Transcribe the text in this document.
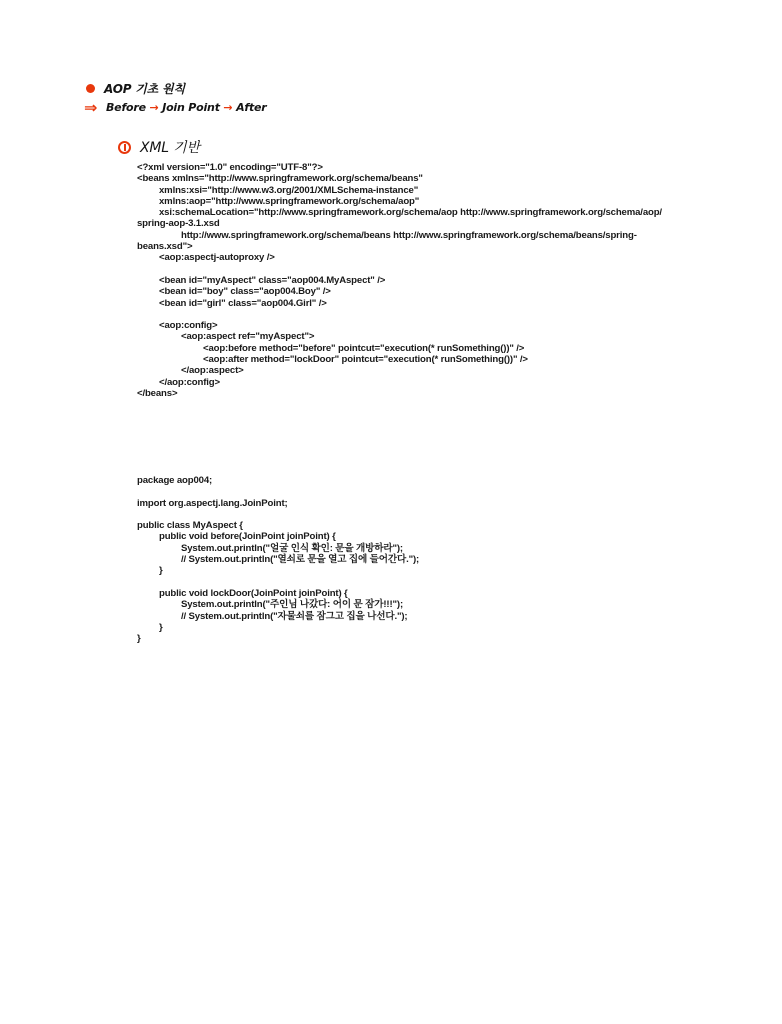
AOP 기초 원칙
⇒ Before → Join Point → After
XML 기반
<?xml version="1.0" encoding="UTF-8"?>
<beans xmlns="http://www.springframework.org/schema/beans"
xmlns:xsi="http://www.w3.org/2001/XMLSchema-instance"
xmlns:aop="http://www.springframework.org/schema/aop"
xsi:schemaLocation="http://www.springframework.org/schema/aop http://www.springframework.org/schema/aop/
spring-aop-3.1.xsd
http://www.springframework.org/schema/beans http://www.springframework.org/schema/beans/spring-
beans.xsd">
<aop:aspectj-autoproxy />
<bean id="myAspect" class="aop004.MyAspect" />
<bean id="boy" class="aop004.Boy" />
<bean id="girl" class="aop004.Girl" />
<aop:config>
<aop:aspect ref="myAspect">
<aop:before method="before" pointcut="execution(* runSomething())" />
<aop:after method="lockDoor" pointcut="execution(* runSomething())" />
</aop:aspect>
</aop:config>
</beans>
package aop004;
import org.aspectj.lang.JoinPoint;
public class MyAspect {
public void before(JoinPoint joinPoint) {
System.out.println("얼굴 인식 확인: 문을 개방하라");
// System.out.println("열쇠로 문을 열고 집에 들어간다.");
}
public void lockDoor(JoinPoint joinPoint) {
System.out.println("주인님 나갔다: 어이 문 잠가!!!");
// System.out.println("자물쇠를 잠그고 집을 나선다.");
}
}
